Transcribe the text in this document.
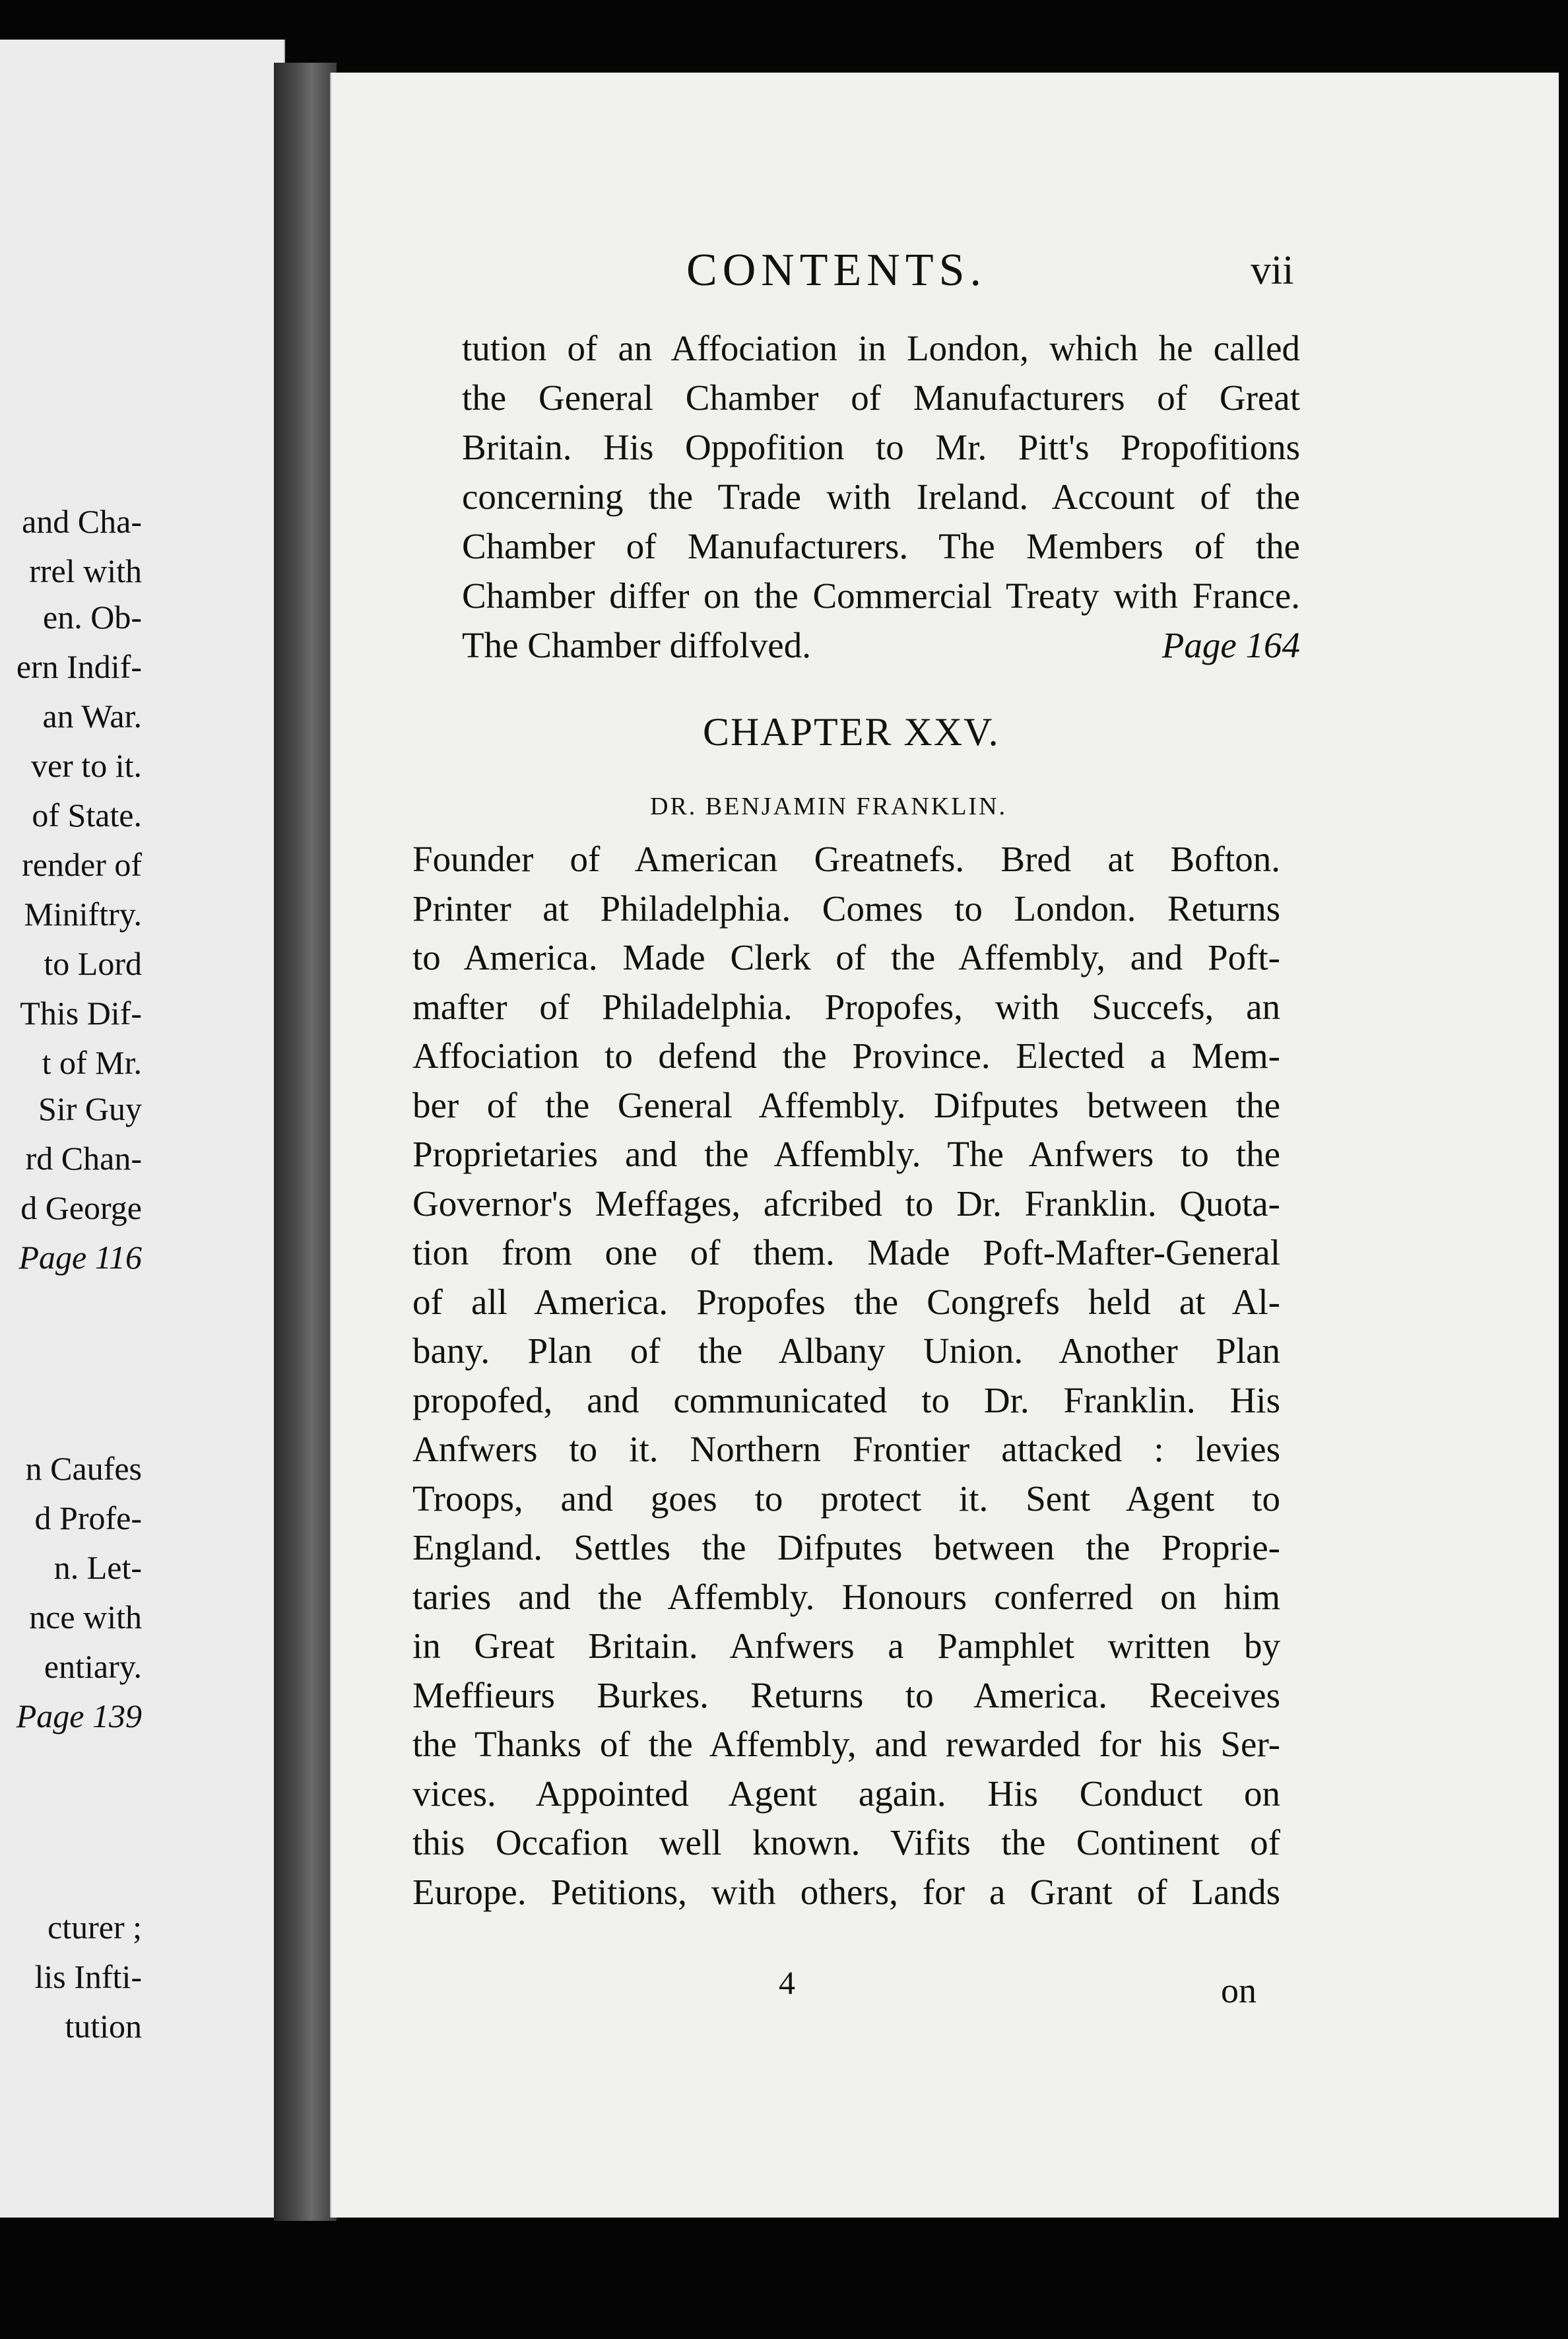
and Cha-
rrel with
en. Ob-
ern Indif-
an War.
ver to it.
of State.
render of
Miniftry.
to Lord
This Dif-
t of Mr.
Sir Guy
rd Chan-
d George
Page 116
n Caufes
d Profe-
n. Let-
nce with
entiary.
Page 139
cturer ;
lis Infti-
tution
CONTENTS.	vii
tution of an Affociation in London, which he called
the General Chamber of Manufacturers of Great
Britain. His Oppofition to Mr. Pitt's Propofitions
concerning the Trade with Ireland. Account of the
Chamber of Manufacturers. The Members of the
Chamber differ on the Commercial Treaty with France.
The Chamber diffolved.	Page 164
CHAPTER XXV.
DR. BENJAMIN FRANKLIN.
Founder of American Greatnefs. Bred at Bofton.
Printer at Philadelphia. Comes to London. Returns
to America. Made Clerk of the Affembly, and Poft-
mafter of Philadelphia. Propofes, with Succefs, an
Affociation to defend the Province. Elected a Mem-
ber of the General Affembly. Difputes between the
Proprietaries and the Affembly. The Anfwers to the
Governor's Meffages, afcribed to Dr. Franklin. Quota-
tion from one of them. Made Poft-Mafter-General
of all America. Propofes the Congrefs held at Al-
bany. Plan of the Albany Union. Another Plan
propofed, and communicated to Dr. Franklin. His
Anfwers to it. Northern Frontier attacked : levies
Troops, and goes to protect it. Sent Agent to
England. Settles the Difputes between the Proprie-
taries and the Affembly. Honours conferred on him
in Great Britain. Anfwers a Pamphlet written by
Meffieurs Burkes. Returns to America. Receives
the Thanks of the Affembly, and rewarded for his Ser-
vices. Appointed Agent again. His Conduct on
this Occafion well known. Vifits the Continent of
Europe. Petitions, with others, for a Grant of Lands
4	on
